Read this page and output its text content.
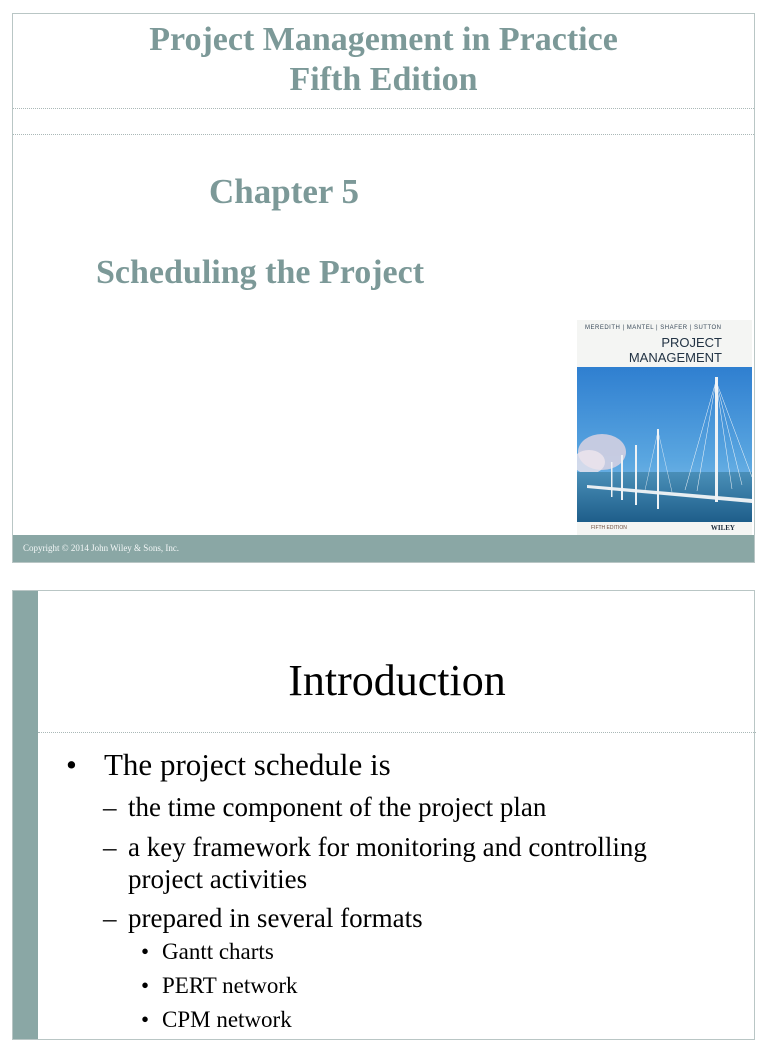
Project Management in Practice
Fifth Edition
Chapter 5
Scheduling the Project
MEREDITH | MANTEL | SHAFER | SUTTON
PROJECT
MANAGEMENT
FIFTH EDITION	WILEY
Copyright © 2014 John Wiley & Sons, Inc.
Introduction
• The project schedule is
– the time component of the project plan
– a key framework for monitoring and controlling
project activities
– prepared in several formats
• Gantt charts
• PERT network
• CPM network
